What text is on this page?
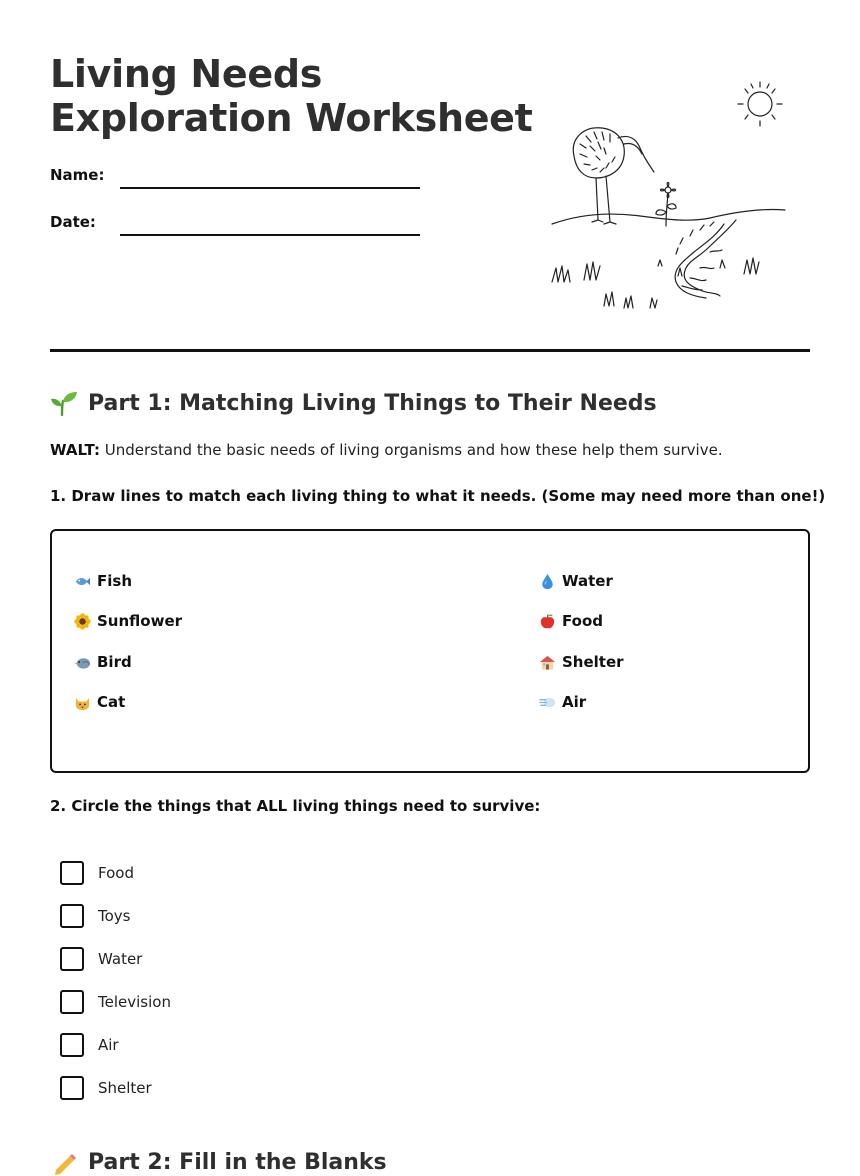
Living Needs
Exploration Worksheet
Name:
Date:
Part 1: Matching Living Things to Their Needs
WALT: Understand the basic needs of living organisms and how these help them survive.
1. Draw lines to match each living thing to what it needs. (Some may need more than one!)
Fish
Sunflower
Bird
Cat
Water
Food
Shelter
Air
2. Circle the things that ALL living things need to survive:
Food
Toys
Water
Television
Air
Shelter
Part 2: Fill in the Blanks
